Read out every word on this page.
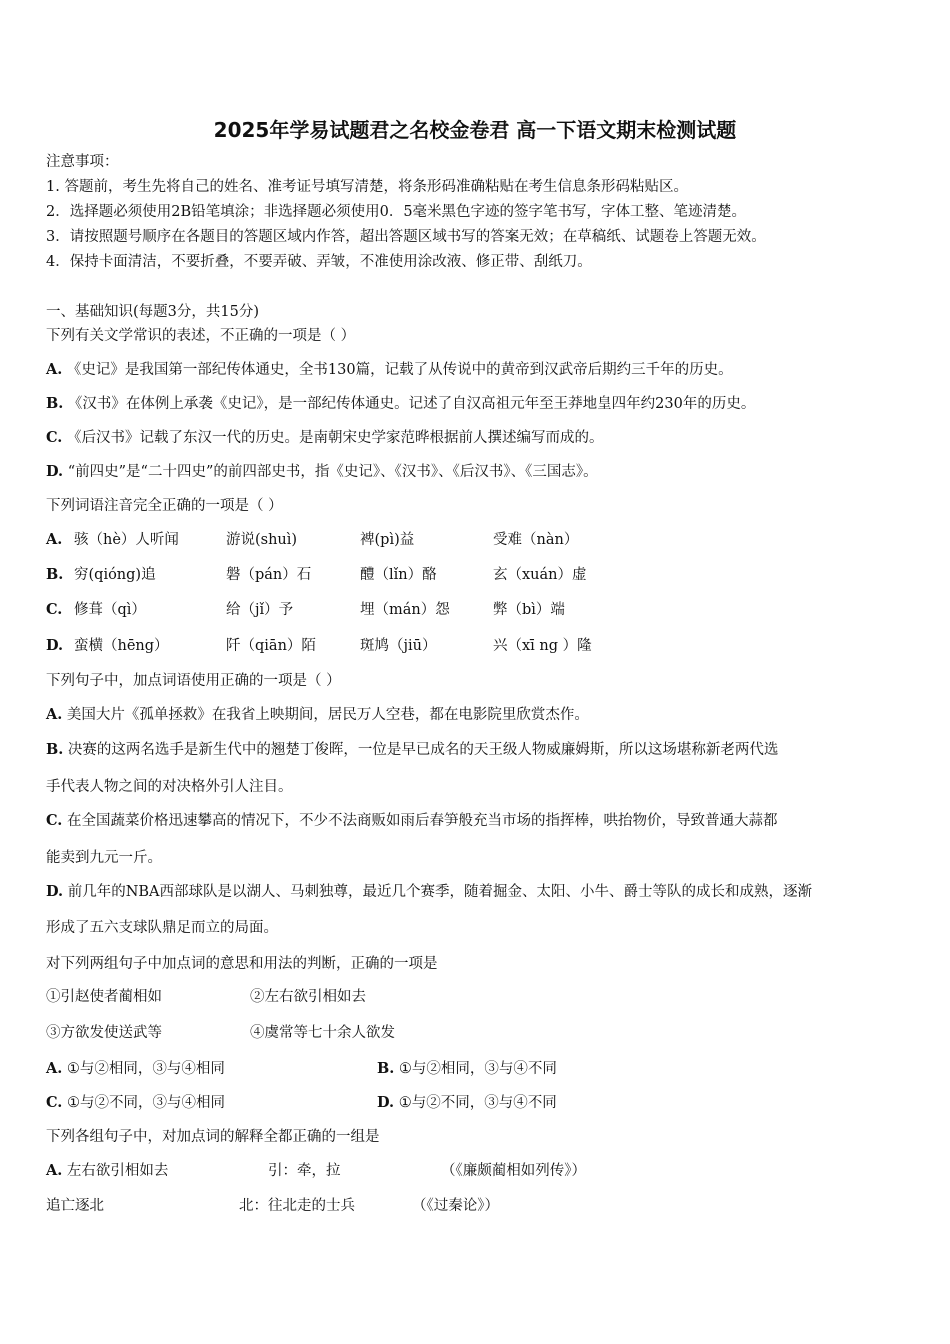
2025年学易试题君之名校金卷君 高一下语文期末检测试题
注意事项：
1. 答题前，考生先将自己的姓名、准考证号填写清楚，将条形码准确粘贴在考生信息条形码粘贴区。
2．选择题必须使用2B铅笔填涂；非选择题必须使用0．5毫米黑色字迹的签字笔书写，字体工整、笔迹清楚。
3．请按照题号顺序在各题目的答题区域内作答，超出答题区域书写的答案无效；在草稿纸、试题卷上答题无效。
4．保持卡面清洁，不要折叠，不要弄破、弄皱，不准使用涂改液、修正带、刮纸刀。
一、基础知识(每题3分，共15分)
下列有关文学常识的表述，不正确的一项是（ ）
A. 《史记》是我国第一部纪传体通史，全书130篇，记载了从传说中的黄帝到汉武帝后期约三千年的历史。
B. 《汉书》在体例上承袭《史记》，是一部纪传体通史。记述了自汉高祖元年至王莽地皇四年约230年的历史。
C. 《后汉书》记载了东汉一代的历史。是南朝宋史学家范晔根据前人撰述编写而成的。
D. “前四史”是“二十四史”的前四部史书，指《史记》、《汉书》、《后汉书》、《三国志》。
下列词语注音完全正确的一项是（ ）
A. 骇（hè）人听闻	游说(shuì)	裨(pì)益	受难（nàn）
B. 穷(qióng)追	磐（pán）石	醴（lǐn）酪	玄（xuán）虚
C. 修葺（qì）	给（jǐ）予	埋（mán）怨	弊（bì）端
D. 蛮横（hēng）	阡（qiān）陌	斑鸠（jiū）	兴（xī ng ）隆
下列句子中，加点词语使用正确的一项是（ ）
A. 美国大片《孤单拯救》在我省上映期间，居民万人空巷，都在电影院里欣赏杰作。
B. 决赛的这两名选手是新生代中的翘楚丁俊晖，一位是早已成名的天王级人物威廉姆斯，所以这场堪称新老两代选
手代表人物之间的对决格外引人注目。
C. 在全国蔬菜价格迅速攀高的情况下，不少不法商贩如雨后春笋般充当市场的指挥棒，哄抬物价，导致普通大蒜都
能卖到九元一斤。
D. 前几年的NBA西部球队是以湖人、马刺独尊，最近几个赛季，随着掘金、太阳、小牛、爵士等队的成长和成熟，逐渐
形成了五六支球队鼎足而立的局面。
对下列两组句子中加点词的意思和用法的判断，正确的一项是
①引赵使者蔺相如	②左右欲引相如去
③方欲发使送武等	④虞常等七十余人欲发
A. ①与②相同，③与④相同	B. ①与②相同，③与④不同
C. ①与②不同，③与④相同	D. ①与②不同，③与④不同
下列各组句子中，对加点词的解释全都正确的一组是
A. 左右欲引相如去	引：牵，拉	（《廉颇蔺相如列传》）
追亡逐北	北：往北走的士兵	（《过秦论》）
